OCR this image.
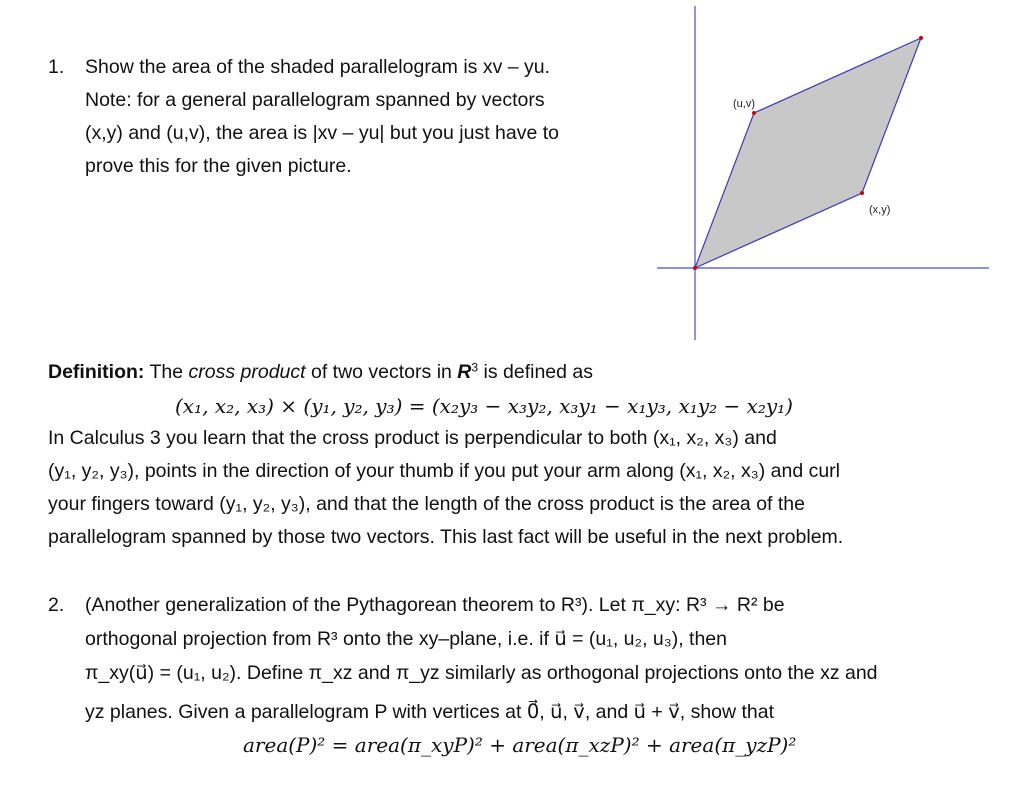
1. Show the area of the shaded parallelogram is xv – yu.
Note: for a general parallelogram spanned by vectors
(x,y) and (u,v), the area is |xv – yu| but you just have to
prove this for the given picture.
(u,v)
(x,y)
Definition: The cross product of two vectors in $R^3$ is defined as
(x₁, x₂, x₃) × (y₁, y₂, y₃) = (x₂y₃ − x₃y₂, x₃y₁ − x₁y₃, x₁y₂ − x₂y₁)
In Calculus 3 you learn that the cross product is perpendicular to both (x₁, x₂, x₃) and
(y₁, y₂, y₃), points in the direction of your thumb if you put your arm along (x₁, x₂, x₃) and curl
your fingers toward (y₁, y₂, y₃), and that the length of the cross product is the area of the
parallelogram spanned by those two vectors. This last fact will be useful in the next problem.
2. (Another generalization of the Pythagorean theorem to R³). Let π_xy: R³ → R² be
orthogonal projection from R³ onto the xy–plane, i.e. if u⃗ = (u₁, u₂, u₃), then
π_xy(u⃗) = (u₁, u₂). Define π_xz and π_yz similarly as orthogonal projections onto the xz and
yz planes. Given a parallelogram P with vertices at 0⃗, u⃗, v⃗, and u⃗ + v⃗, show that
area(P)² = area(π_xyP)² + area(π_xzP)² + area(π_yzP)²
